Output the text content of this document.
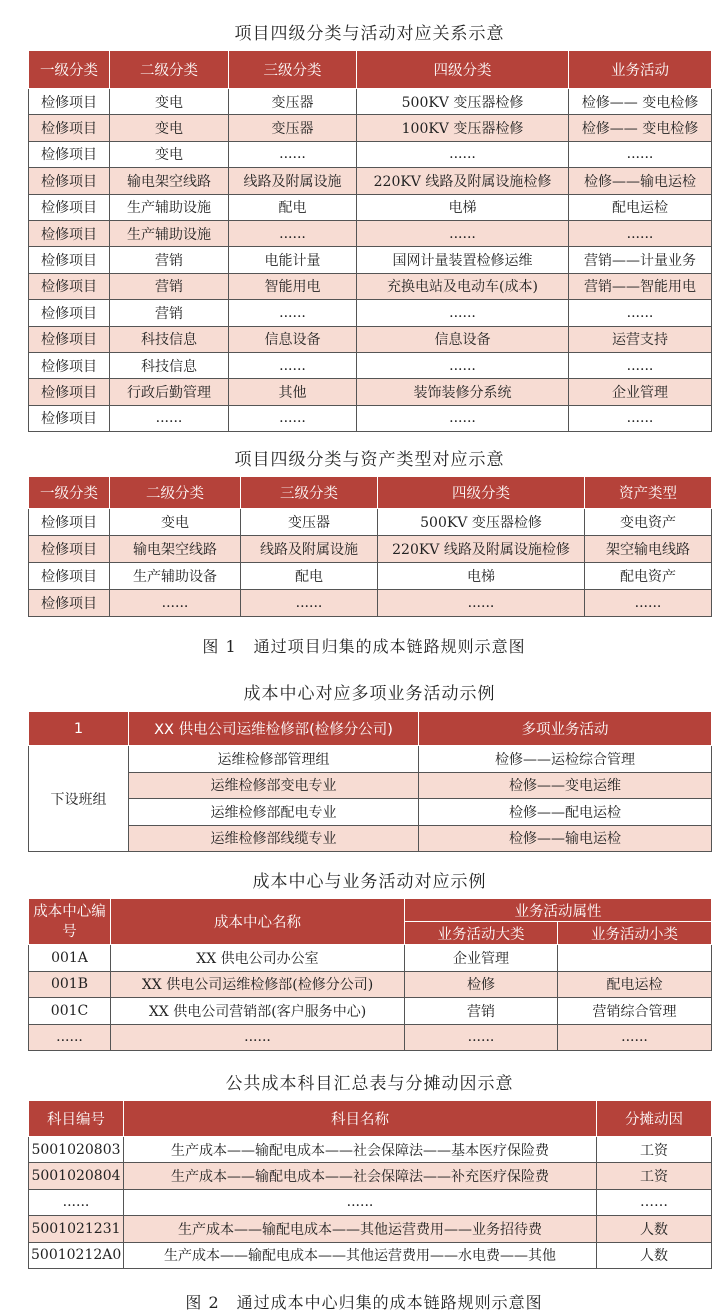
项目四级分类与活动对应关系示意
一级分类	二级分类	三级分类	四级分类	业务活动
检修项目	变电	变压器	500KV 变压器检修	检修—— 变电检修
检修项目	变电	变压器	100KV 变压器检修	检修—— 变电检修
检修项目	变电	......	......	......
检修项目	输电架空线路	线路及附属设施	220KV 线路及附属设施检修	检修——输电运检
检修项目	生产辅助设施	配电	电梯	配电运检
检修项目	生产辅助设施	......	......	......
检修项目	营销	电能计量	国网计量装置检修运维	营销——计量业务
检修项目	营销	智能用电	充换电站及电动车(成本)	营销——智能用电
检修项目	营销	......	......	......
检修项目	科技信息	信息设备	信息设备	运营支持
检修项目	科技信息	......	......	......
检修项目	行政后勤管理	其他	装饰装修分系统	企业管理
检修项目	......	......	......	......
项目四级分类与资产类型对应示意
一级分类	二级分类	三级分类	四级分类	资产类型
检修项目	变电	变压器	500KV 变压器检修	变电资产
检修项目	输电架空线路	线路及附属设施	220KV 线路及附属设施检修	架空输电线路
检修项目	生产辅助设备	配电	电梯	配电资产
检修项目	......	......	......	......
图 1　通过项目归集的成本链路规则示意图
成本中心对应多项业务活动示例
1	XX 供电公司运维检修部(检修分公司)	多项业务活动
下设班组	运维检修部管理组	检修——运检综合管理
	运维检修部变电专业	检修——变电运维
	运维检修部配电专业	检修——配电运检
	运维检修部线缆专业	检修——输电运检
成本中心与业务活动对应示例
成本中心编号	成本中心名称	业务活动属性	
		业务活动大类	业务活动小类
001A	XX 供电公司办公室	企业管理	
001B	XX 供电公司运维检修部(检修分公司)	检修	配电运检
001C	XX 供电公司营销部(客户服务中心)	营销	营销综合管理
......	......	......	......
公共成本科目汇总表与分摊动因示意
科目编号	科目名称	分摊动因
5001020803	生产成本——输配电成本——社会保障法——基本医疗保险费	工资
5001020804	生产成本——输配电成本——社会保障法——补充医疗保险费	工资
......	......	……
5001021231	生产成本——输配电成本——其他运营费用——业务招待费	人数
50010212A0	生产成本——输配电成本——其他运营费用——水电费——其他	人数
图 2　通过成本中心归集的成本链路规则示意图
